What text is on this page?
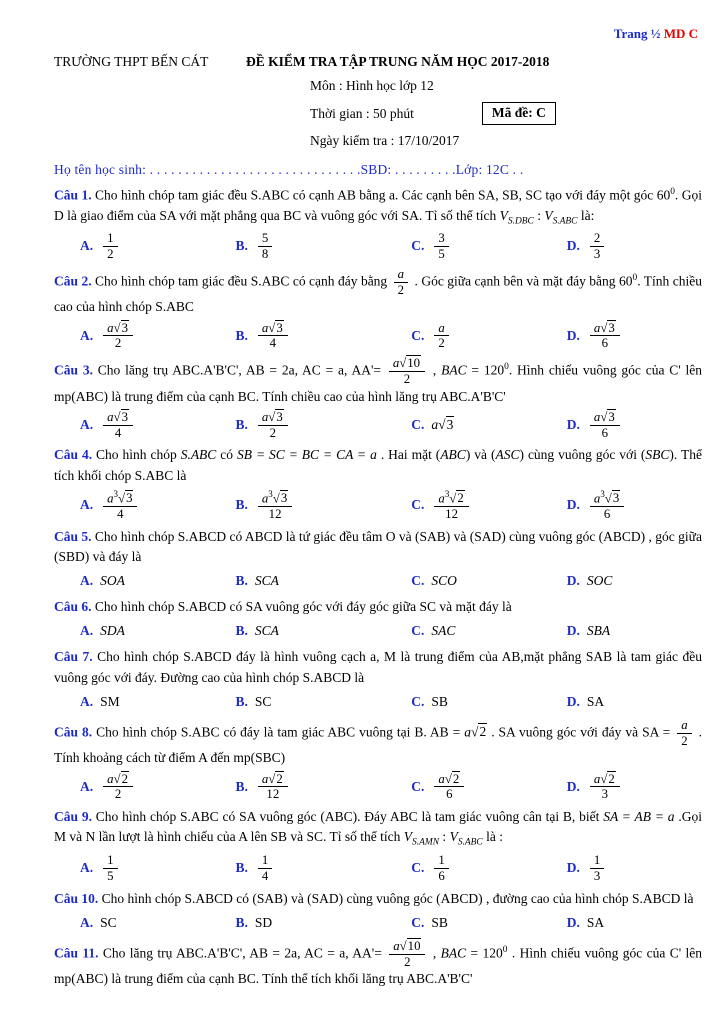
Trang ½ MD C
TRƯỜNG THPT BẾN CÁT	ĐỀ KIỂM TRA TẬP TRUNG NĂM HỌC 2017-2018
Môn : Hình học lớp 12
Thời gian : 50 phút	Mã đề: C
Ngày kiểm tra : 17/10/2017
Họ tên học sinh: . . . . . . . . . . . . . . . . . . . . . . . . . . . . . .SBD: . . . . . . . . .Lớp: 12C . .

Câu 1. Cho hình chóp tam giác đều S.ABC có cạnh AB bằng a. Các cạnh bên SA, SB, SC tạo với đáy một góc $60^0$. Gọi D là giao điểm của SA với mặt phẳng qua BC và vuông góc với SA. Tỉ số thể tích $V_{S.DBC}$ : $V_{S.ABC}$ là:

A. $\frac{1}{2}$	B. $\frac{5}{8}$	C. $\frac{3}{5}$	D. $\frac{2}{3}$

Câu 2. Cho hình chóp tam giác đều S.ABC có cạnh đáy bằng $\frac{a}{2}$ . Góc giữa cạnh bên và mặt đáy bằng $60^0$. Tính chiều cao của hình chóp S.ABC

A. $\frac{a√3}{2}$	B. $\frac{a√3}{4}$	C. $\frac{a}{2}$	D. $\frac{a√3}{6}$

Câu 3. Cho lăng trụ ABC.A'B'C', AB = 2a, AC = a, $AA'= \frac{a√10}{2}$ , BAC = $120^0$. Hình chiếu vuông góc của C' lên mp(ABC) là trung điểm của cạnh BC. Tính chiều cao của hình lăng trụ ABC.A'B'C'

A. $\frac{a√3}{4}$	B. $\frac{a√3}{2}$	C. a√3	D. $\frac{a√3}{6}$

Câu 4. Cho hình chóp S.ABC có SB = SC = BC = CA = a . Hai mặt (ABC) và (ASC) cùng vuông góc với (SBC). Thể tích khối chóp S.ABC là

A. $\frac{a^3√3}{4}$	B. $\frac{a^3√3}{12}$	C. $\frac{a^3√2}{12}$	D. $\frac{a^3√3}{6}$

Câu 5. Cho hình chóp S.ABCD có ABCD là tứ giác đều tâm O và (SAB) và (SAD) cùng vuông góc (ABCD) , góc giữa (SBD) và đáy là

A. SOA	B. SCA	C. SCO	D. SOC

Câu 6. Cho hình chóp S.ABCD có SA vuông góc với đáy góc giữa SC và mặt đáy là

A. SDA	B. SCA	C. SAC	D. SBA

Câu 7. Cho hình chóp S.ABCD đáy là hình vuông cạch a, M là trung điểm của AB,mặt phẳng SAB là tam giác đều vuông góc với đáy. Đường cao của hình chóp S.ABCD là

A. SM	B. SC	C. SB	D. SA

Câu 8. Cho hình chóp S.ABC có đáy là tam giác ABC vuông tại B. AB = a√2 . SA vuông góc với đáy và SA = $\frac{a}{2}$ . Tính khoảng cách từ điểm A đến mp(SBC)

A. $\frac{a√2}{2}$	B. $\frac{a√2}{12}$	C. $\frac{a√2}{6}$	D. $\frac{a√2}{3}$

Câu 9. Cho hình chóp S.ABC có SA vuông góc (ABC). Đáy ABC là tam giác vuông cân tại B, biết SA = AB = a .Gọi M và N lần lượt là hình chiếu của A lên SB và SC. Tỉ số thể tích $V_{S.AMN}$ : $V_{S.ABC}$ là :

A. $\frac{1}{5}$	B. $\frac{1}{4}$	C. $\frac{1}{6}$	D. $\frac{1}{3}$

Câu 10. Cho hình chóp S.ABCD có (SAB) và (SAD) cùng vuông góc (ABCD) , đường cao của hình chóp S.ABCD là

A. SC	B. SD	C. SB	D. SA

Câu 11. Cho lăng trụ ABC.A'B'C', AB = 2a, AC = a, $AA'= \frac{a√10}{2}$ , BAC = $120^0$ . Hình chiếu vuông góc của C' lên mp(ABC) là trung điểm của cạnh BC. Tính thể tích khối lăng trụ ABC.A'B'C'
